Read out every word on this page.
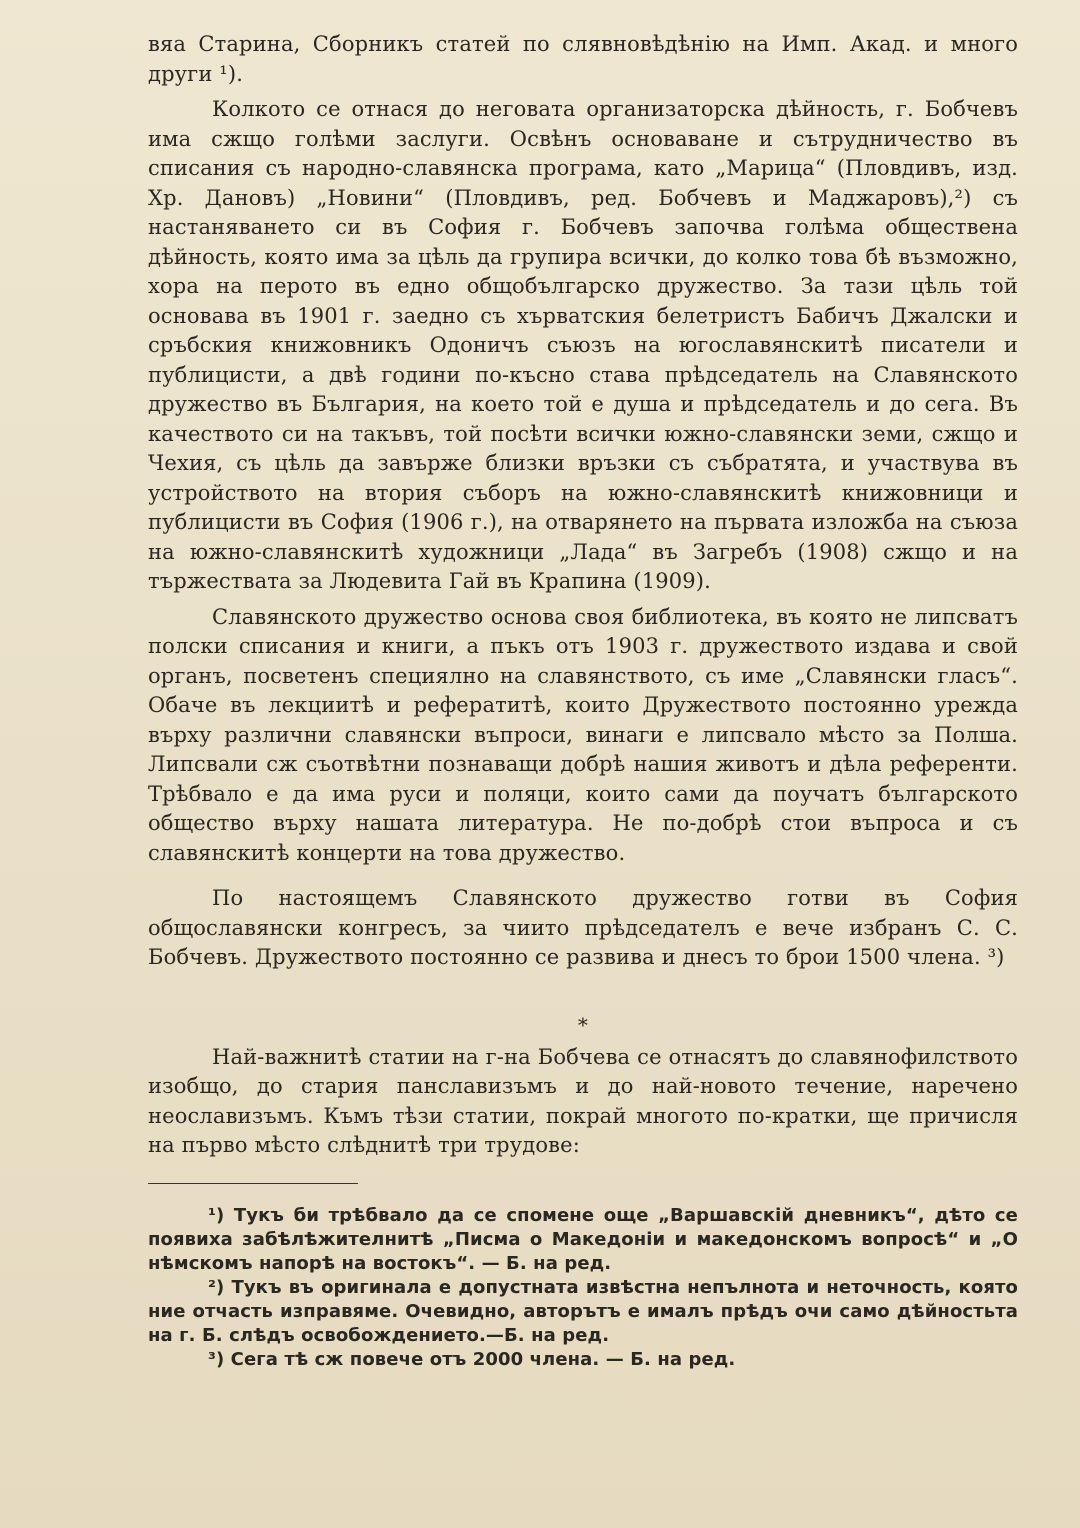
вяа Старина, Сборникъ статей по слявновѣдѣнію на Имп. Акад. и много други ¹).

Колкото се отнася до неговата организаторска дѣйность, г. Бобчевъ има сжщо голѣми заслуги. Освѣнъ основаване и сътрудничество въ списания съ народно-славянска програма, като „Марица“ (Пловдивъ, изд. Хр. Дановъ) „Новини“ (Пловдивъ, ред. Бобчевъ и Маджаровъ),²) съ настаняването си въ София г. Бобчевъ започва голѣма обществена дѣйность, която има за цѣль да групира всички, до колко това бѣ възможно, хора на перото въ едно общобългарско дружество. За тази цѣль той основава въ 1901 г. заедно съ хърватския белетристъ Бабичъ Джалски и сръбския книжовникъ Одоничъ съюзъ на югославянскитѣ писатели и публицисти, а двѣ години по-късно става прѣдседатель на Славянското дружество въ България, на което той е душа и прѣдседатель и до сега. Въ качеството си на такъвъ, той посѣти всички южно-славянски земи, сжщо и Чехия, съ цѣль да завърже близки връзки съ събратята, и участвува въ устройството на втория съборъ на южно-славянскитѣ книжовници и публицисти въ София (1906 г.), на отварянето на първата изложба на съюза на южно-славянскитѣ художници „Лада“ въ Загребъ (1908) сжщо и на тържествата за Людевита Гай въ Крапина (1909).

Славянското дружество основа своя библиотека, въ която не липсватъ полски списания и книги, а пъкъ отъ 1903 г. дружеството издава и свой органъ, посветенъ специялно на славянството, съ име „Славянски гласъ“. Обаче въ лекциитѣ и рефератитѣ, които Дружеството постоянно урежда върху различни славянски въпроси, винаги е липсвало мѣсто за Полша. Липсвали сж съотвѣтни познаващи добрѣ нашия животъ и дѣла референти. Трѣбвало е да има руси и поляци, които сами да поучатъ българското общество върху нашата литература. Не по-добрѣ стои въпроса и съ славянскитѣ концерти на това дружество.

По настоящемъ Славянското дружество готви въ София общославянски конгресъ, за чиито прѣдседателъ е вече избранъ С. С. Бобчевъ. Дружеството постоянно се развива и днесъ то брои 1500 члена. ³)

*

Най-важнитѣ статии на г-на Бобчева се отнасятъ до славянофилството изобщо, до стария панславизъмъ и до най-новото течение, наречено неославизъмъ. Къмъ тѣзи статии, покрай многото по-кратки, ще причисля на първо мѣсто слѣднитѣ три трудове:

¹) Тукъ би трѣбвало да се спомене още „Варшавскій дневникъ“, дѣто се появиха забѣлѣжителнитѣ „Писма о Македоніи и македонскомъ вопросѣ“ и „О нѣмскомъ напорѣ на востокъ“. — Б. на ред.

²) Тукъ въ оригинала е допустната извѣстна непълнота и неточность, която ние отчасть изправяме. Очевидно, авторътъ е ималъ прѣдъ очи само дѣйностьта на г. Б. слѣдъ освобождението.—Б. на ред.

³) Сега тѣ сж повече отъ 2000 члена. — Б. на ред.
